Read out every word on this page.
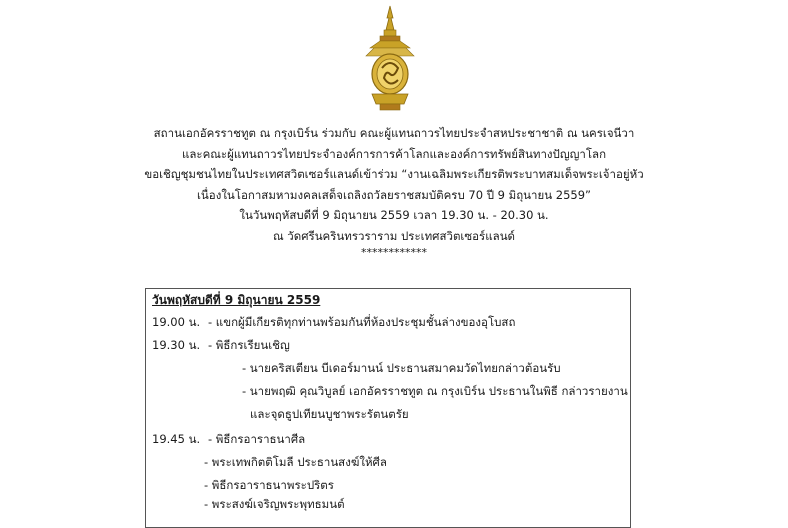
สถานเอกอัครราชทูต ณ กรุงเบิร์น ร่วมกับ คณะผู้แทนถาวรไทยประจำสหประชาชาติ ณ นครเจนีวา
และคณะผู้แทนถาวรไทยประจำองค์การการค้าโลกและองค์การทรัพย์สินทางปัญญาโลก
ขอเชิญชุมชนไทยในประเทศสวิตเซอร์แลนด์เข้าร่วม “งานเฉลิมพระเกียรติพระบาทสมเด็จพระเจ้าอยู่หัว
เนื่องในโอกาสมหามงคลเสด็จเถลิงถวัลยราชสมบัติครบ 70 ปี 9 มิถุนายน 2559”
ในวันพฤหัสบดีที่ 9 มิถุนายน 2559 เวลา 19.30 น. - 20.30 น.
ณ วัดศรีนครินทรวราราม ประเทศสวิตเซอร์แลนด์
************
วันพฤหัสบดีที่ 9 มิถุนายน 2559
19.00 น. - แขกผู้มีเกียรติทุกท่านพร้อมกันที่ห้องประชุมชั้นล่างของอุโบสถ
19.30 น. - พิธีกรเรียนเชิญ
- นายคริสเตียน บีเดอร์มานน์ ประธานสมาคมวัดไทยกล่าวต้อนรับ
- นายพฤฒิ คุณวิบูลย์ เอกอัครราชทูต ณ กรุงเบิร์น ประธานในพิธี กล่าวรายงาน
และจุดธูปเทียนบูชาพระรัตนตรัย
19.45 น. - พิธีกรอาราธนาศีล
- พระเทพกิตติโมลี ประธานสงฆ์ให้ศีล
- พิธีกรอาราธนาพระปริตร
- พระสงฆ์เจริญพระพุทธมนต์
